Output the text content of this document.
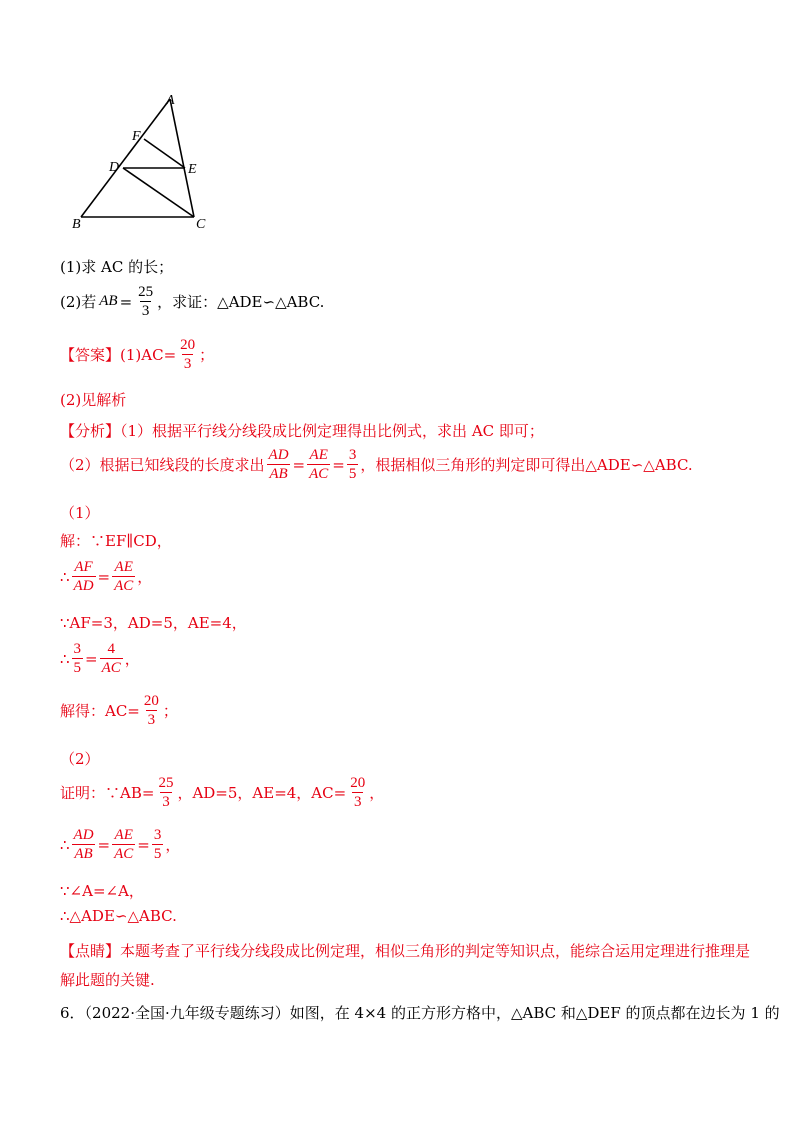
A
F
D	E
B	C
(1)求 AC 的长；
(2)若 AB = $\frac{25}{3}$ ，求证：△ADE∽△ABC.
【答案】 $(1)AC= \frac{20}{3}$ ；
(2)见解析
【分析】（1）根据平行线分线段成比例定理得出比例式，求出 AC 即可；
（2）根据已知线段的长度求出 $\frac{AD}{AB} = \frac{AE}{AC} = \frac{3}{5}$ ，根据相似三角形的判定即可得出△ADE∽△ABC.
（1）
解：∵EF∥CD，
∴ $\frac{AF}{AD} = \frac{AE}{AC}$ ，
∵AF=3，AD=5，AE=4，
∴ $\frac{3}{5} = \frac{4}{AC}$ ，
解得：$AC= \frac{20}{3}$ ；
（2）
证明：∵AB= $\frac{25}{3}$ ，AD=5，AE=4，$AC= \frac{20}{3}$ ，
∴ $\frac{AD}{AB} = \frac{AE}{AC} = \frac{3}{5}$ ，
∵∠A=∠A，
∴△ADE∽△ABC.
【点睛】本题考查了平行线分线段成比例定理，相似三角形的判定等知识点，能综合运用定理进行推理是
解此题的关键.
6．（2022·全国·九年级专题练习）如图，在 4×4 的正方形方格中，△ABC 和△DEF 的顶点都在边长为 1 的
